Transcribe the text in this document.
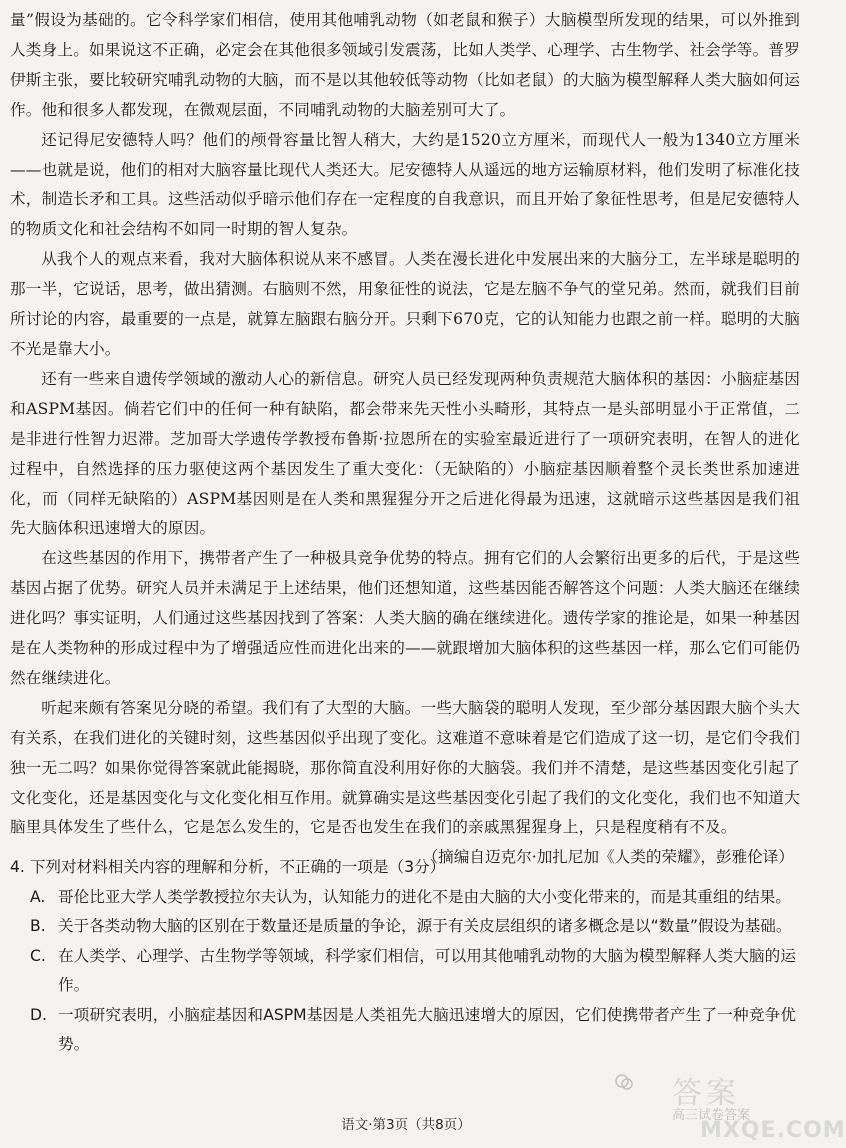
量”假设为基础的。它令科学家们相信，使用其他哺乳动物（如老鼠和猴子）大脑模型所发现的结果，可以外推到人类身上。如果说这不正确，必定会在其他很多领域引发震荡，比如人类学、心理学、古生物学、社会学等。普罗伊斯主张，要比较研究哺乳动物的大脑，而不是以其他较低等动物（比如老鼠）的大脑为模型解释人类大脑如何运作。他和很多人都发现，在微观层面，不同哺乳动物的大脑差别可大了。

还记得尼安德特人吗？他们的颅骨容量比智人稍大，大约是1520立方厘米，而现代人一般为1340立方厘米——也就是说，他们的相对大脑容量比现代人类还大。尼安德特人从遥远的地方运输原材料，他们发明了标准化技术，制造长矛和工具。这些活动似乎暗示他们存在一定程度的自我意识，而且开始了象征性思考，但是尼安德特人的物质文化和社会结构不如同一时期的智人复杂。

从我个人的观点来看，我对大脑体积说从来不感冒。人类在漫长进化中发展出来的大脑分工，左半球是聪明的那一半，它说话，思考，做出猜测。右脑则不然，用象征性的说法，它是左脑不争气的堂兄弟。然而，就我们目前所讨论的内容，最重要的一点是，就算左脑跟右脑分开。只剩下670克，它的认知能力也跟之前一样。聪明的大脑不光是靠大小。

还有一些来自遗传学领域的激动人心的新信息。研究人员已经发现两种负责规范大脑体积的基因：小脑症基因和ASPM基因。倘若它们中的任何一种有缺陷，都会带来先天性小头畸形，其特点一是头部明显小于正常值，二是非进行性智力迟滞。芝加哥大学遗传学教授布鲁斯·拉恩所在的实验室最近进行了一项研究表明，在智人的进化过程中，自然选择的压力驱使这两个基因发生了重大变化：（无缺陷的）小脑症基因顺着整个灵长类世系加速进化，而（同样无缺陷的）ASPM基因则是在人类和黑猩猩分开之后进化得最为迅速，这就暗示这些基因是我们祖先大脑体积迅速增大的原因。

在这些基因的作用下，携带者产生了一种极具竞争优势的特点。拥有它们的人会繁衍出更多的后代，于是这些基因占据了优势。研究人员并未满足于上述结果，他们还想知道，这些基因能否解答这个问题：人类大脑还在继续进化吗？事实证明，人们通过这些基因找到了答案：人类大脑的确在继续进化。遗传学家的推论是，如果一种基因是在人类物种的形成过程中为了增强适应性而进化出来的——就跟增加大脑体积的这些基因一样，那么它们可能仍然在继续进化。

听起来颇有答案见分晓的希望。我们有了大型的大脑。一些大脑袋的聪明人发现，至少部分基因跟大脑个头大有关系，在我们进化的关键时刻，这些基因似乎出现了变化。这难道不意味着是它们造成了这一切，是它们令我们独一无二吗？如果你觉得答案就此能揭晓，那你简直没利用好你的大脑袋。我们并不清楚，是这些基因变化引起了文化变化，还是基因变化与文化变化相互作用。就算确实是这些基因变化引起了我们的文化变化，我们也不知道大脑里具体发生了些什么，它是怎么发生的，它是否也发生在我们的亲戚黑猩猩身上，只是程度稍有不及。

（摘编自迈克尔·加扎尼加《人类的荣耀》，彭雅伦译）

4. 下列对材料相关内容的理解和分析，不正确的一项是（3分）

A. 哥伦比亚大学人类学教授拉尔夫认为，认知能力的进化不是由大脑的大小变化带来的，而是其重组的结果。
B. 关于各类动物大脑的区别在于数量还是质量的争论，源于有关皮层组织的诸多概念是以“数量”假设为基础。
C. 在人类学、心理学、古生物学等领域，科学家们相信，可以用其他哺乳动物的大脑为模型解释人类大脑的运作。
D. 一项研究表明，小脑症基因和ASPM基因是人类祖先大脑迅速增大的原因，它们使携带者产生了一种竞争优势。
语文·第3页（共8页）
答案
高三试卷答案
MXQE.COM
